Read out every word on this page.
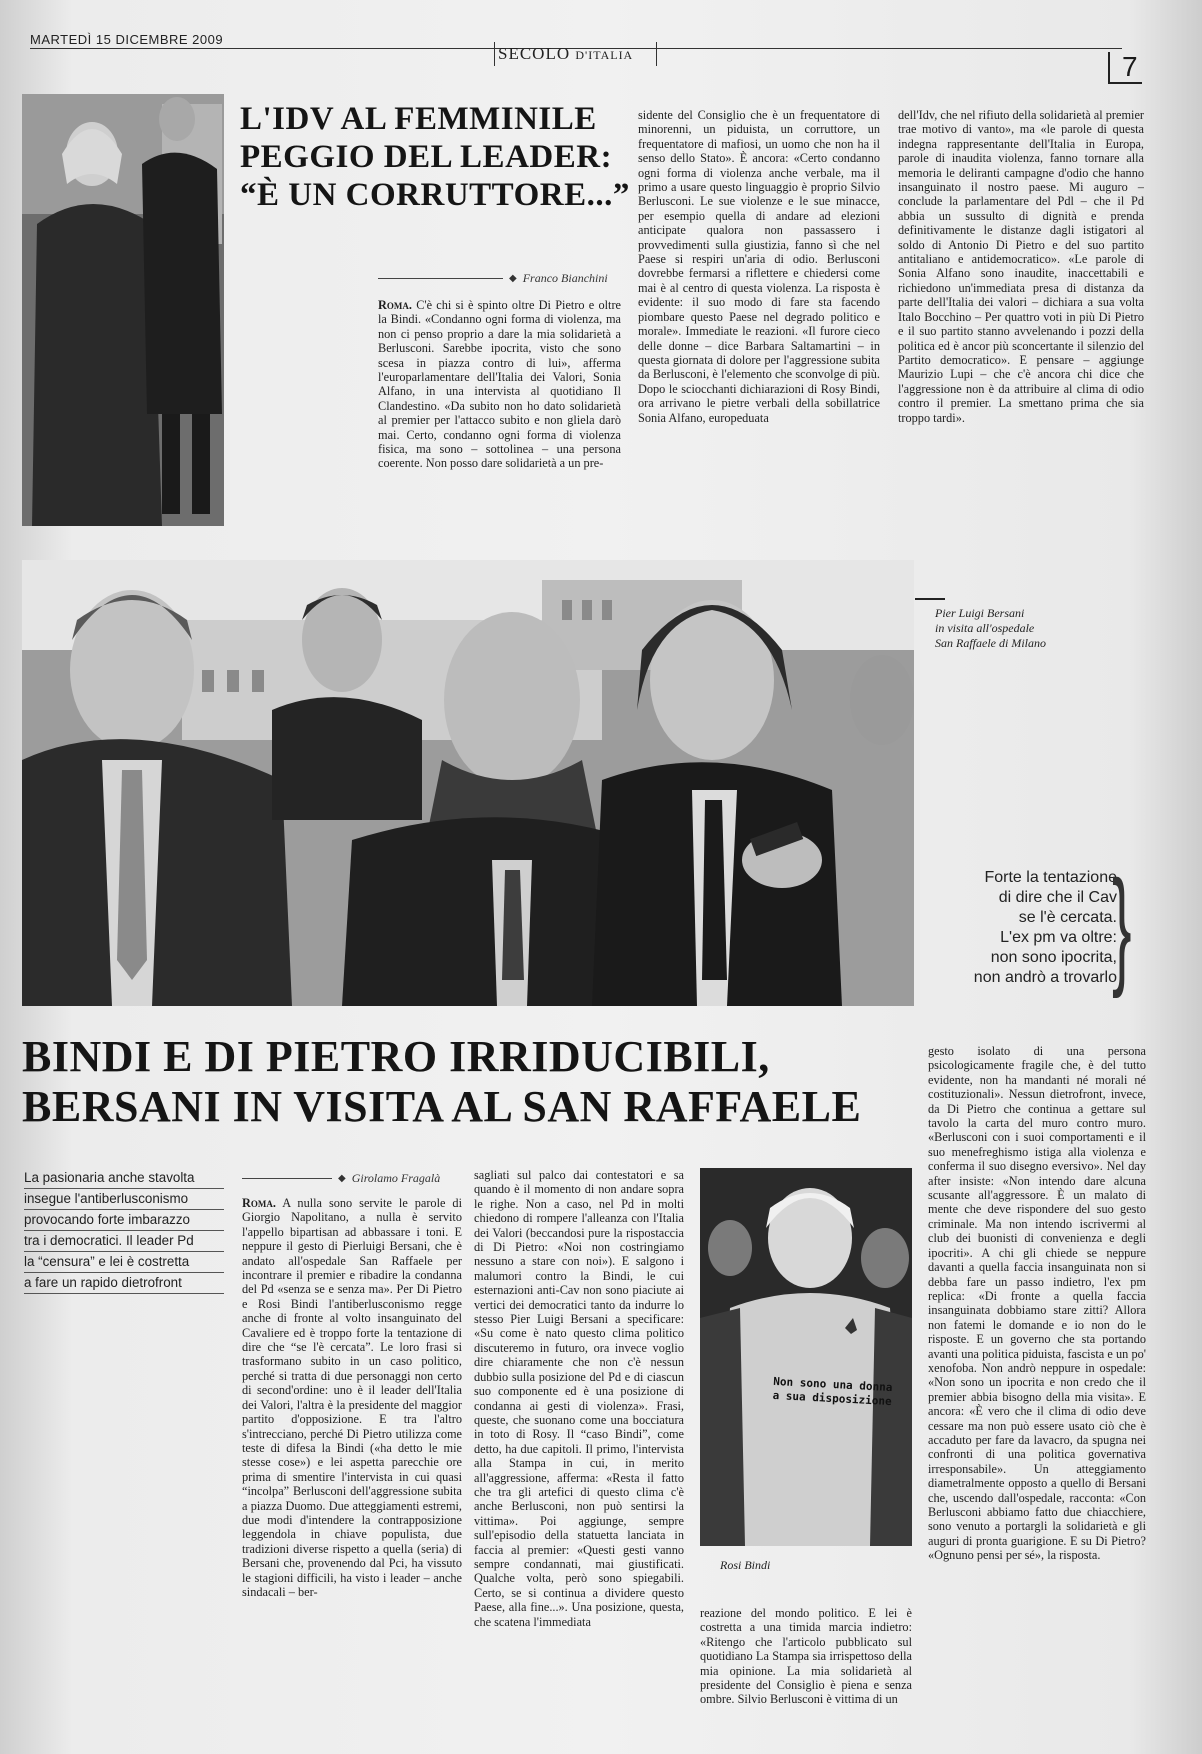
MARTEDÌ 15 DICEMBRE 2009
SECOLO D'ITALIA	7
L'IDV AL FEMMINILE PEGGIO DEL LEADER: “È UN CORRUTTORE...”
◆ Franco Bianchini
Roma. C'è chi si è spinto oltre Di Pietro e oltre la Bindi. «Condanno ogni forma di violenza, ma non ci penso proprio a dare la mia solidarietà a Berlusconi. Sarebbe ipocrita, visto che sono scesa in piazza contro di lui», afferma l'europarlamentare dell'Italia dei Valori, Sonia Alfano, in una intervista al quotidiano Il Clandestino. «Da subito non ho dato solidarietà al premier per l'attacco subito e non gliela darò mai. Certo, condanno ogni forma di violenza fisica, ma sono – sottolinea – una persona coerente. Non posso dare solidarietà a un pre-
sidente del Consiglio che è un frequentatore di minorenni, un piduista, un corruttore, un frequentatore di mafiosi, un uomo che non ha il senso dello Stato». È ancora: «Certo condanno ogni forma di violenza anche verbale, ma il primo a usare questo linguaggio è proprio Silvio Berlusconi. Le sue violenze e le sue minacce, per esempio quella di andare ad elezioni anticipate qualora non passassero i provvedimenti sulla giustizia, fanno sì che nel Paese si respiri un'aria di odio. Berlusconi dovrebbe fermarsi a riflettere e chiedersi come mai è al centro di questa violenza. La risposta è evidente: il suo modo di fare sta facendo piombare questo Paese nel degrado politico e morale». Immediate le reazioni. «Il furore cieco delle donne – dice Barbara Saltamartini – in questa giornata di dolore per l'aggressione subita da Berlusconi, è l'elemento che sconvolge di più. Dopo le sciocchanti dichiarazioni di Rosy Bindi, ora arrivano le pietre verbali della sobillatrice Sonia Alfano, europeduata
dell'Idv, che nel rifiuto della solidarietà al premier trae motivo di vanto», ma «le parole di questa indegna rappresentante dell'Italia in Europa, parole di inaudita violenza, fanno tornare alla memoria le deliranti campagne d'odio che hanno insanguinato il nostro paese. Mi auguro – conclude la parlamentare del Pdl – che il Pd abbia un sussulto di dignità e prenda definitivamente le distanze dagli istigatori al soldo di Antonio Di Pietro e del suo partito antitaliano e antidemocratico». «Le parole di Sonia Alfano sono inaudite, inaccettabili e richiedono un'immediata presa di distanza da parte dell'Italia dei valori – dichiara a sua volta Italo Bocchino – Per quattro voti in più Di Pietro e il suo partito stanno avvelenando i pozzi della politica ed è ancor più sconcertante il silenzio del Partito democratico». E pensare – aggiunge Maurizio Lupi – che c'è ancora chi dice che l'aggressione non è da attribuire al clima di odio contro il premier. La smettano prima che sia troppo tardi».
Pier Luigi Bersani
in visita all'ospedale
San Raffaele di Milano
Forte la tentazione
di dire che il Cav
se l'è cercata.
L'ex pm va oltre:
non sono ipocrita,
non andrò a trovarlo
}
BINDI E DI PIETRO IRRIDUCIBILI,
BERSANI IN VISITA AL SAN RAFFAELE
La pasionaria anche stavolta
insegue l'antiberlusconismo
provocando forte imbarazzo
tra i democratici. Il leader Pd
la “censura” e lei è costretta
a fare un rapido dietrofront
◆ Girolamo Fragalà
Roma. A nulla sono servite le parole di Giorgio Napolitano, a nulla è servito l'appello bipartisan ad abbassare i toni. E neppure il gesto di Pierluigi Bersani, che è andato all'ospedale San Raffaele per incontrare il premier e ribadire la condanna del Pd «senza se e senza ma». Per Di Pietro e Rosi Bindi l'antiberlusconismo regge anche di fronte al volto insanguinato del Cavaliere ed è troppo forte la tentazione di dire che “se l'è cercata”. Le loro frasi si trasformano subito in un caso politico, perché si tratta di due personaggi non certo di second'ordine: uno è il leader dell'Italia dei Valori, l'altra è la presidente del maggior partito d'opposizione. E tra l'altro s'intrecciano, perché Di Pietro utilizza come teste di difesa la Bindi («ha detto le mie stesse cose») e lei aspetta parecchie ore prima di smentire l'intervista in cui quasi “incolpa” Berlusconi dell'aggressione subita a piazza Duomo. Due atteggiamenti estremi, due modi d'intendere la contrapposizione leggendola in chiave populista, due tradizioni diverse rispetto a quella (seria) di Bersani che, provenendo dal Pci, ha vissuto le stagioni difficili, ha visto i leader – anche sindacali – ber-
sagliati sul palco dai contestatori e sa quando è il momento di non andare sopra le righe. Non a caso, nel Pd in molti chiedono di rompere l'alleanza con l'Italia dei Valori (beccandosi pure la rispostaccia di Di Pietro: «Noi non costringiamo nessuno a stare con noi»). E salgono i malumori contro la Bindi, le cui esternazioni anti-Cav non sono piaciute ai vertici dei democratici tanto da indurre lo stesso Pier Luigi Bersani a specificare: «Su come è nato questo clima politico discuteremo in futuro, ora invece voglio dire chiaramente che non c'è nessun dubbio sulla posizione del Pd e di ciascun suo componente ed è una posizione di condanna ai gesti di violenza». Frasi, queste, che suonano come una bocciatura in toto di Rosy. Il “caso Bindi”, come detto, ha due capitoli. Il primo, l'intervista alla Stampa in cui, in merito all'aggressione, afferma: «Resta il fatto che tra gli artefici di questo clima c'è anche Berlusconi, non può sentirsi la vittima». Poi aggiunge, sempre sull'episodio della statuetta lanciata in faccia al premier: «Questi gesti vanno sempre condannati, mai giustificati. Qualche volta, però sono spiegabili. Certo, se si continua a dividere questo Paese, alla fine...». Una posizione, questa, che scatena l'immediata
Non sono una donna a sua disposizione
Rosi Bindi
reazione del mondo politico. E lei è costretta a una timida marcia indietro: «Ritengo che l'articolo pubblicato sul quotidiano La Stampa sia irrispettoso della mia opinione. La mia solidarietà al presidente del Consiglio è piena e senza ombre. Silvio Berlusconi è vittima di un
gesto isolato di una persona psicologicamente fragile che, è del tutto evidente, non ha mandanti né morali né costituzionali». Nessun dietrofront, invece, da Di Pietro che continua a gettare sul tavolo la carta del muro contro muro. «Berlusconi con i suoi comportamenti e il suo menefreghismo istiga alla violenza e conferma il suo disegno eversivo». Nel day after insiste: «Non intendo dare alcuna scusante all'aggressore. È un malato di mente che deve rispondere del suo gesto criminale. Ma non intendo iscrivermi al club dei buonisti di convenienza e degli ipocriti». A chi gli chiede se neppure davanti a quella faccia insanguinata non si debba fare un passo indietro, l'ex pm replica: «Di fronte a quella faccia insanguinata dobbiamo stare zitti? Allora non fatemi le domande e io non do le risposte. E un governo che sta portando avanti una politica piduista, fascista e un po' xenofoba. Non andrò neppure in ospedale: «Non sono un ipocrita e non credo che il premier abbia bisogno della mia visita». E ancora: «È vero che il clima di odio deve cessare ma non può essere usato ciò che è accaduto per fare da lavacro, da spugna nei confronti di una politica governativa irresponsabile». Un atteggiamento diametralmente opposto a quello di Bersani che, uscendo dall'ospedale, racconta: «Con Berlusconi abbiamo fatto due chiacchiere, sono venuto a portargli la solidarietà e gli auguri di pronta guarigione. E su Di Pietro? «Ognuno pensi per sé», la risposta.
